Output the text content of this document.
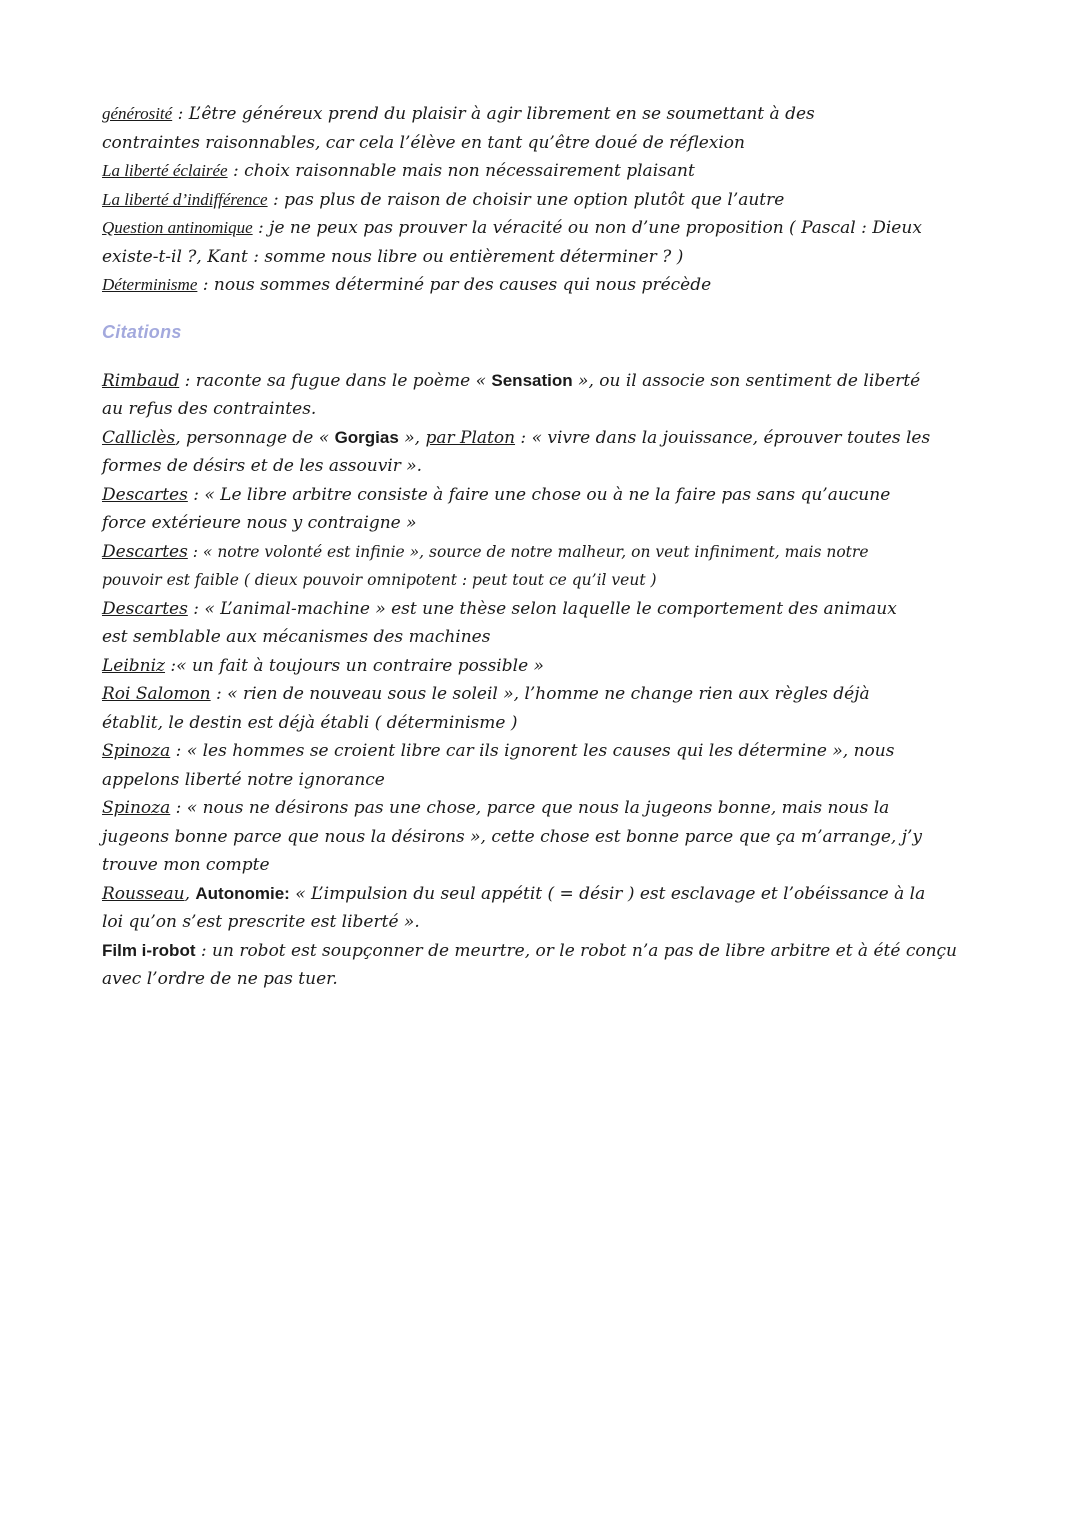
générosité : L’être généreux prend du plaisir à agir librement en se soumettant à des
contraintes raisonnables, car cela l’élève en tant qu’être doué de réflexion
La liberté éclairée : choix raisonnable mais non nécessairement plaisant
La liberté d’indifférence : pas plus de raison de choisir une option plutôt que l’autre
Question antinomique : je ne peux pas prouver la véracité ou non d’une proposition ( Pascal : Dieux
existe-t-il ?, Kant : somme nous libre ou entièrement déterminer ? )
Déterminisme : nous sommes déterminé par des causes qui nous précède
Citations
Rimbaud : raconte sa fugue dans le poème « Sensation », ou il associe son sentiment de liberté
au refus des contraintes.
Calliclès, personnage de « Gorgias », par Platon : « vivre dans la jouissance, éprouver toutes les
formes de désirs et de les assouvir ».
Descartes : « Le libre arbitre consiste à faire une chose ou à ne la faire pas sans qu’aucune
force extérieure nous y contraigne »
Descartes : « notre volonté est infinie », source de notre malheur, on veut infiniment, mais notre
pouvoir est faible ( dieux pouvoir omnipotent : peut tout ce qu’il veut )
Descartes : « L’animal-machine » est une thèse selon laquelle le comportement des animaux
est semblable aux mécanismes des machines
Leibniz :« un fait à toujours un contraire possible »
Roi Salomon : « rien de nouveau sous le soleil », l’homme ne change rien aux règles déjà
établit, le destin est déjà établi ( déterminisme )
Spinoza : « les hommes se croient libre car ils ignorent les causes qui les détermine », nous
appelons liberté notre ignorance
Spinoza : « nous ne désirons pas une chose, parce que nous la jugeons bonne, mais nous la
jugeons bonne parce que nous la désirons », cette chose est bonne parce que ça m’arrange, j’y
trouve mon compte
Rousseau, Autonomie: « L’impulsion du seul appétit ( = désir ) est esclavage et l’obéissance à la
loi qu’on s’est prescrite est liberté ».
Film i-robot : un robot est soupçonner de meurtre, or le robot n’a pas de libre arbitre et à été conçu
avec l’ordre de ne pas tuer.
